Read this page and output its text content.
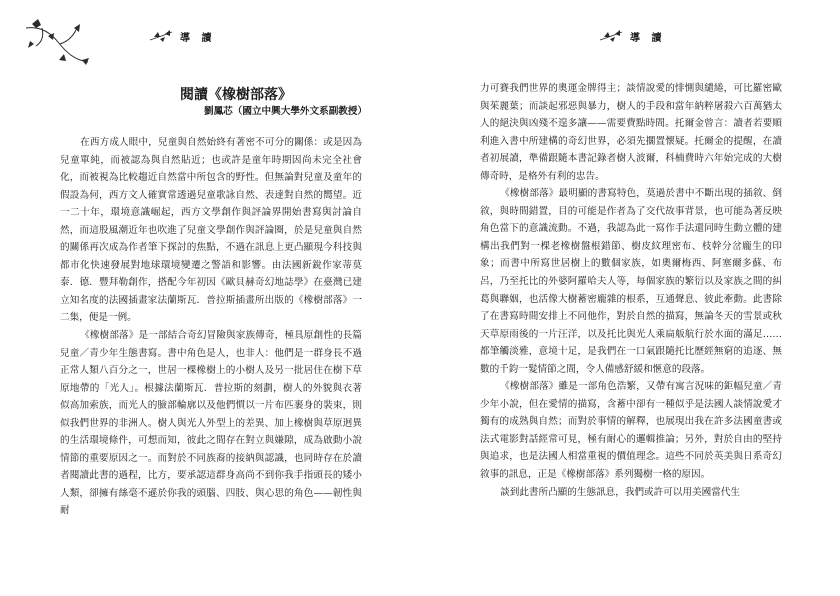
導 讀
閱讀《橡樹部落》
劉鳳芯（國立中興大學外文系副教授）

在西方成人眼中，兒童與自然始終有著密不可分的關係：或是因為兒童單純，而被認為與自然貼近；也或許是童年時期因尚未完全社會化，而被視為比較趨近自然當中所包含的野性。但無論對兒童及童年的假設為何，西方文人確實常透過兒童歌詠自然、表達對自然的嚮望。近一二十年，環境意識崛起，西方文學創作與評論界開始書寫與討論自然，而這股風潮近年也吹進了兒童文學創作與評論圈，於是兒童與自然的關係再次成為作者筆下探討的焦點，不過在訊息上更凸顯現今科技與都市化快速發展對地球環境變遷之警語和影響。由法國新銳作家蒂莫泰．德．豐拜勒創作，搭配今年初因《歐貝赫奇幻地誌學》在臺灣已建立知名度的法國插畫家法蘭斯瓦．普拉斯插畫所出版的《橡樹部落》一二集，便是一例。

《橡樹部落》是一部結合奇幻冒險與家族傳奇，極具原創性的長篇兒童／青少年生態書寫。書中角色是人，也非人：他們是一群身長不過正常人類八百分之一，世居一棵橡樹上的小樹人及另一批居住在樹下草原地帶的「光人」。根據法蘭斯瓦．普拉斯的刻劃，樹人的外貌與衣著似高加索族，而光人的臉部輪廓以及他們慣以一片布匹裹身的裝束，則似我們世界的非洲人。樹人與光人外型上的差異、加上橡樹與草原迥異的生活環境條件，可想而知，彼此之間存在對立與嫌隙，成為啟動小說情節的重要原因之一。而對於不同族裔的接納與認識，也同時存在於讀者閱讀此書的過程，比方，要承認這群身高尚不到你我手指頭長的矮小人類，卻擁有絲毫不遜於你我的頭腦、四肢、與心思的角色——韌性與耐

導 讀

力可賽我們世界的奧運金牌得主；談情說愛的悱惻與繾綣，可比羅密歐與茱麗葉；而談起邪惡與暴力，樹人的手段和當年納粹屠殺六百萬猶太人的絕決與凶殘不遑多讓——需要費點時間。托爾金曾言：讀者若要順利進入書中所建構的奇幻世界，必須先擱置懷疑。托爾金的提醒，在讀者初展讀，準備跟隨本書記錄者樹人波爾，科楠費時六年始完成的大樹傳奇時，是格外有利的忠告。

《橡樹部落》最明顯的書寫特色，莫過於書中不斷出現的插敘、倒敘，與時間錯置，目的可能是作者為了交代故事背景，也可能為著反映角色當下的意識流動。不過，我認為此一寫作手法還同時生動立體的建構出我們對一棵老橡樹盤根錯節、樹皮紋理密布、枝幹分岔龐生的印象；而書中所寫世居樹上的數個家族，如奧爾梅西、阿塞爾多蘇、布呂，乃至托比的外婆阿羅哈夫人等，每個家族的繁衍以及家族之間的糾葛與聯姻，也活像大樹蓄密龐雜的根系，互通聲息、彼此牽動。此書除了在書寫時間安排上不同他作，對於自然的描寫，無論冬天的雪景或秋天草原雨後的一片汪洋，以及托比與光人乘扁舨航行於水面的滿足……都筆觸淡雅，意境十足，是我們在一口氣跟隨托比歷經無窮的追逐、無數的千鈞一髮情節之間，令人備感舒緩和愜意的段落。

《橡樹部落》雖是一部角色浩繁，又帶有寓言況味的鉅幅兒童／青少年小說，但在愛情的描寫，含蓄中卻有一種似乎是法國人談情說愛才獨有的成熟與自然；而對於事情的解釋，也展現出我在許多法國童書或法式電影對話經常可見，極有耐心的邏輯推論；另外，對於自由的堅持與追求，也是法國人相當重視的價值理念。這些不同於英美與日系奇幻敘事的訊息，正是《橡樹部落》系列獨樹一格的原因。

談到此書所凸顯的生態訊息，我們或許可以用美國當代生
